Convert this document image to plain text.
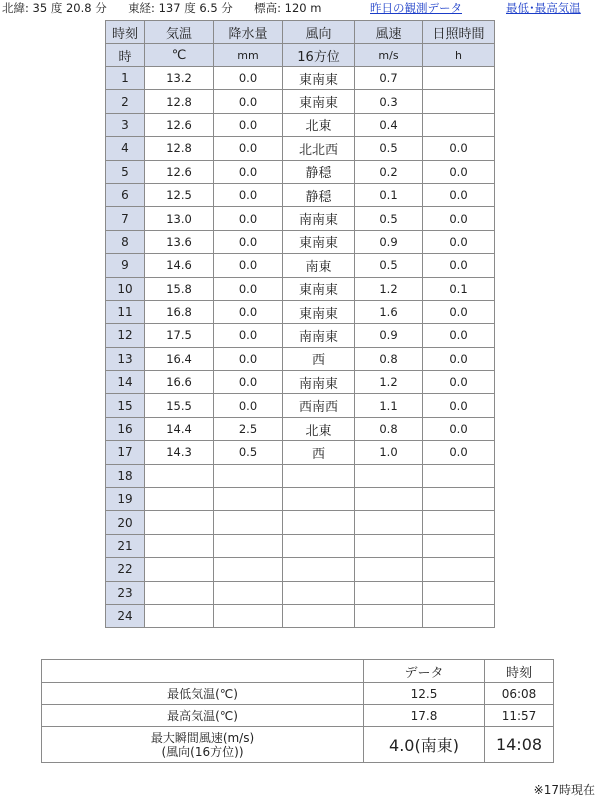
北緯: 35 度 20.8 分 東経: 137 度 6.5 分 標高: 120 m	昨日の観測データ	最低･最高気温
時刻	気温	降水量	風向	風速	日照時間
時	℃	mm	16方位	m/s	h
1	13.2	0.0	東南東	0.7	
2	12.8	0.0	東南東	0.3	
3	12.6	0.0	北東	0.4	
4	12.8	0.0	北北西	0.5	0.0
5	12.6	0.0	静穏	0.2	0.0
6	12.5	0.0	静穏	0.1	0.0
7	13.0	0.0	南南東	0.5	0.0
8	13.6	0.0	東南東	0.9	0.0
9	14.6	0.0	南東	0.5	0.0
10	15.8	0.0	東南東	1.2	0.1
11	16.8	0.0	東南東	1.6	0.0
12	17.5	0.0	南南東	0.9	0.0
13	16.4	0.0	西	0.8	0.0
14	16.6	0.0	南南東	1.2	0.0
15	15.5	0.0	西南西	1.1	0.0
16	14.4	2.5	北東	0.8	0.0
17	14.3	0.5	西	1.0	0.0
18					
19					
20					
21					
22					
23					
24					
	データ	時刻
最低気温(℃)	12.5	06:08
最高気温(℃)	17.8	11:57

最大瞬間風速(m/s)
(風向(16方位))	4.0(南東)	14:08
※17時現在
